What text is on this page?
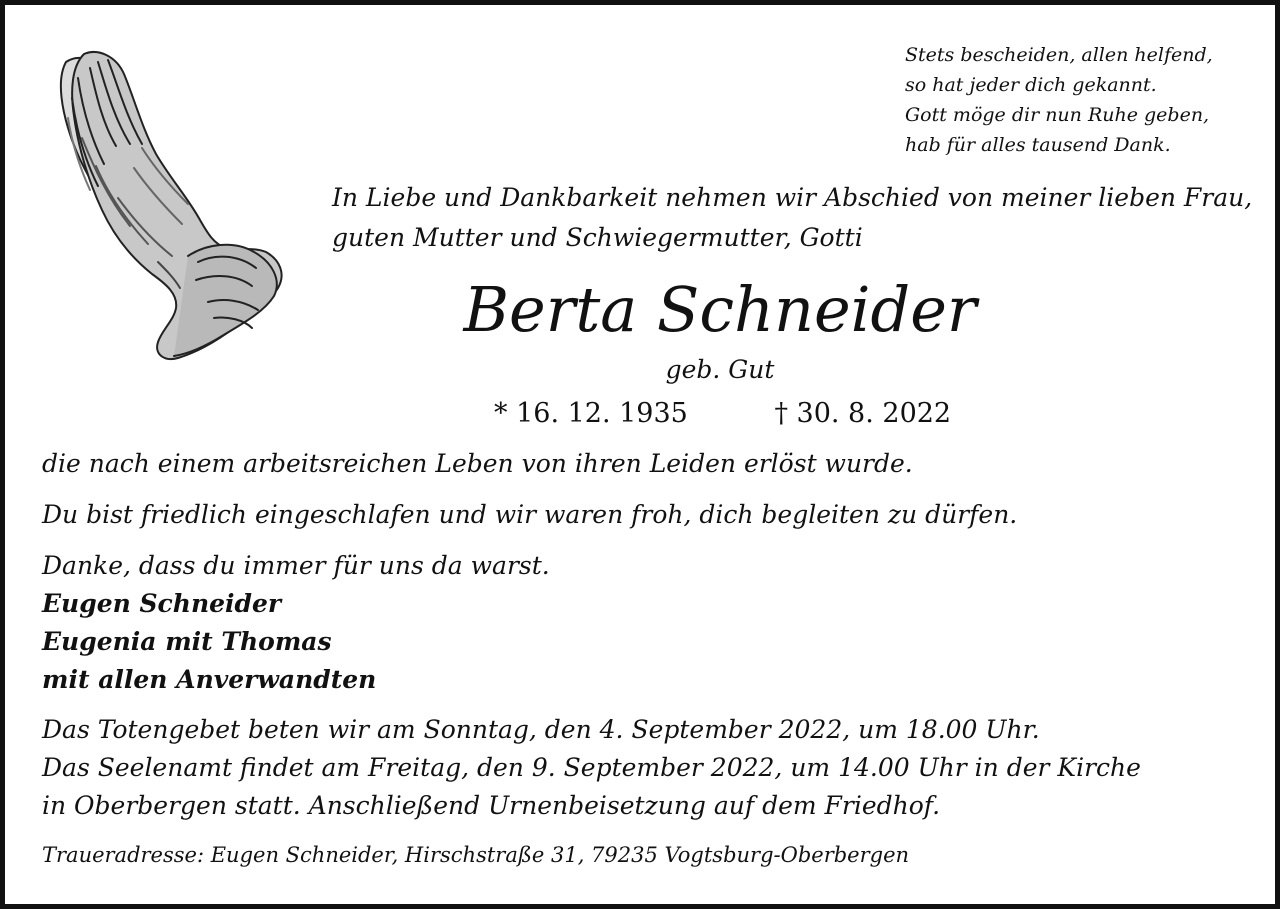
Stets bescheiden, allen helfend,
so hat jeder dich gekannt.
Gott möge dir nun Ruhe geben,
hab für alles tausend Dank.
In Liebe und Dankbarkeit nehmen wir Abschied von meiner lieben Frau,
guten Mutter und Schwiegermutter, Gotti
Berta Schneider
geb. Gut
* 16. 12. 1935	† 30. 8. 2022
die nach einem arbeitsreichen Leben von ihren Leiden erlöst wurde.
Du bist friedlich eingeschlafen und wir waren froh, dich begleiten zu dürfen.
Danke, dass du immer für uns da warst.
Eugen Schneider
Eugenia mit Thomas
mit allen Anverwandten
Das Totengebet beten wir am Sonntag, den 4. September 2022, um 18.00 Uhr.
Das Seelenamt findet am Freitag, den 9. September 2022, um 14.00 Uhr in der Kirche
in Oberbergen statt. Anschließend Urnenbeisetzung auf dem Friedhof.
Traueradresse: Eugen Schneider, Hirschstraße 31, 79235 Vogtsburg-Oberbergen
